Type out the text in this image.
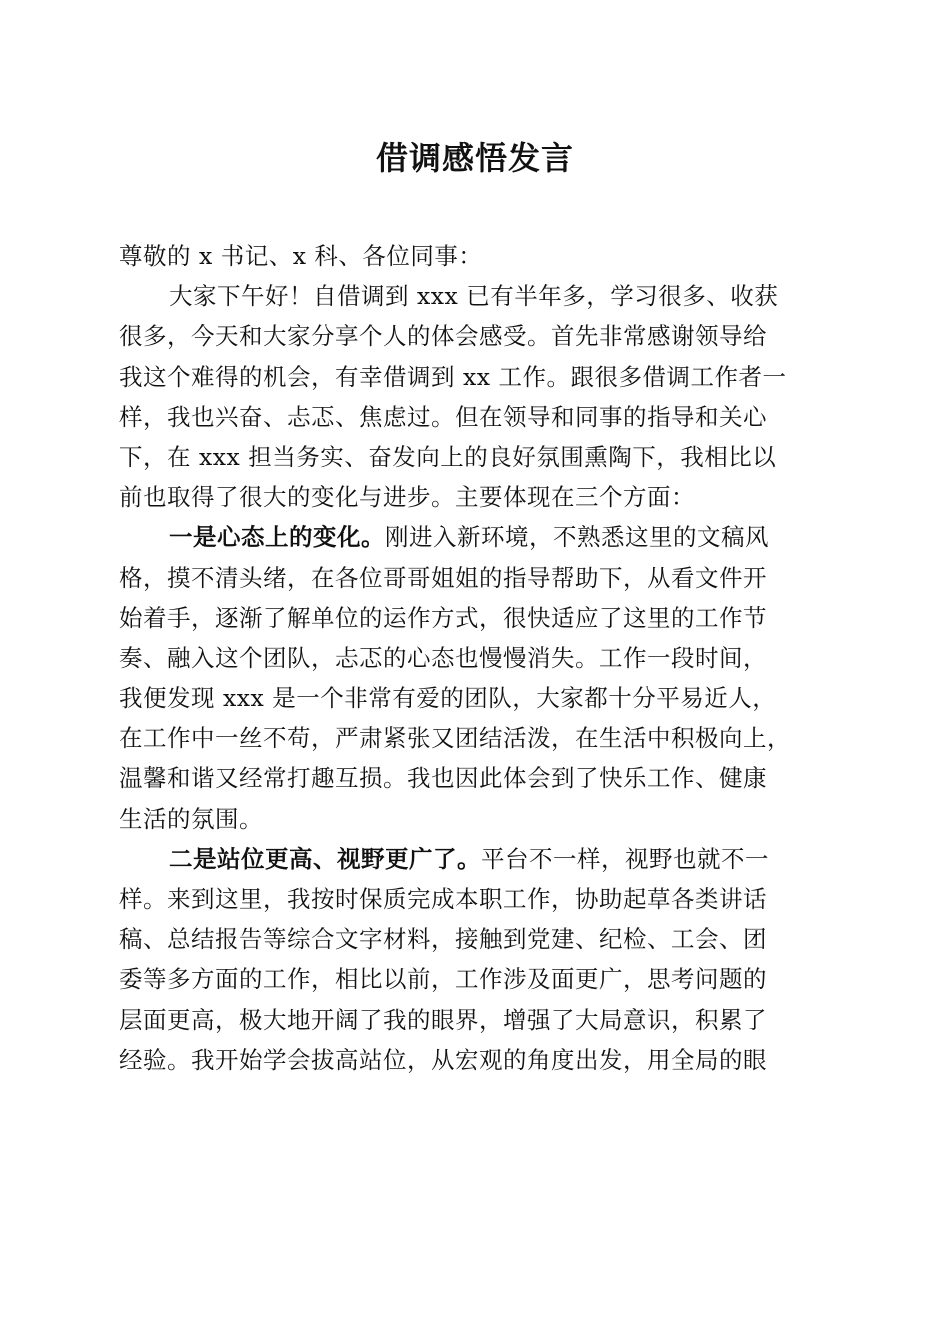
借调感悟发言
尊敬的 x 书记、x 科、各位同事：
大家下午好！自借调到 xxx 已有半年多，学习很多、收获
很多，今天和大家分享个人的体会感受。首先非常感谢领导给
我这个难得的机会，有幸借调到 xx 工作。跟很多借调工作者一
样，我也兴奋、忐忑、焦虑过。但在领导和同事的指导和关心
下，在 xxx 担当务实、奋发向上的良好氛围熏陶下，我相比以
前也取得了很大的变化与进步。主要体现在三个方面：
一是心态上的变化。刚进入新环境，不熟悉这里的文稿风
格，摸不清头绪，在各位哥哥姐姐的指导帮助下，从看文件开
始着手，逐渐了解单位的运作方式，很快适应了这里的工作节
奏、融入这个团队，忐忑的心态也慢慢消失。工作一段时间，
我便发现 xxx 是一个非常有爱的团队，大家都十分平易近人，
在工作中一丝不苟，严肃紧张又团结活泼，在生活中积极向上，
温馨和谐又经常打趣互损。我也因此体会到了快乐工作、健康
生活的氛围。
二是站位更高、视野更广了。平台不一样，视野也就不一
样。来到这里，我按时保质完成本职工作，协助起草各类讲话
稿、总结报告等综合文字材料，接触到党建、纪检、工会、团
委等多方面的工作，相比以前，工作涉及面更广，思考问题的
层面更高，极大地开阔了我的眼界，增强了大局意识，积累了
经验。我开始学会拔高站位，从宏观的角度出发，用全局的眼
